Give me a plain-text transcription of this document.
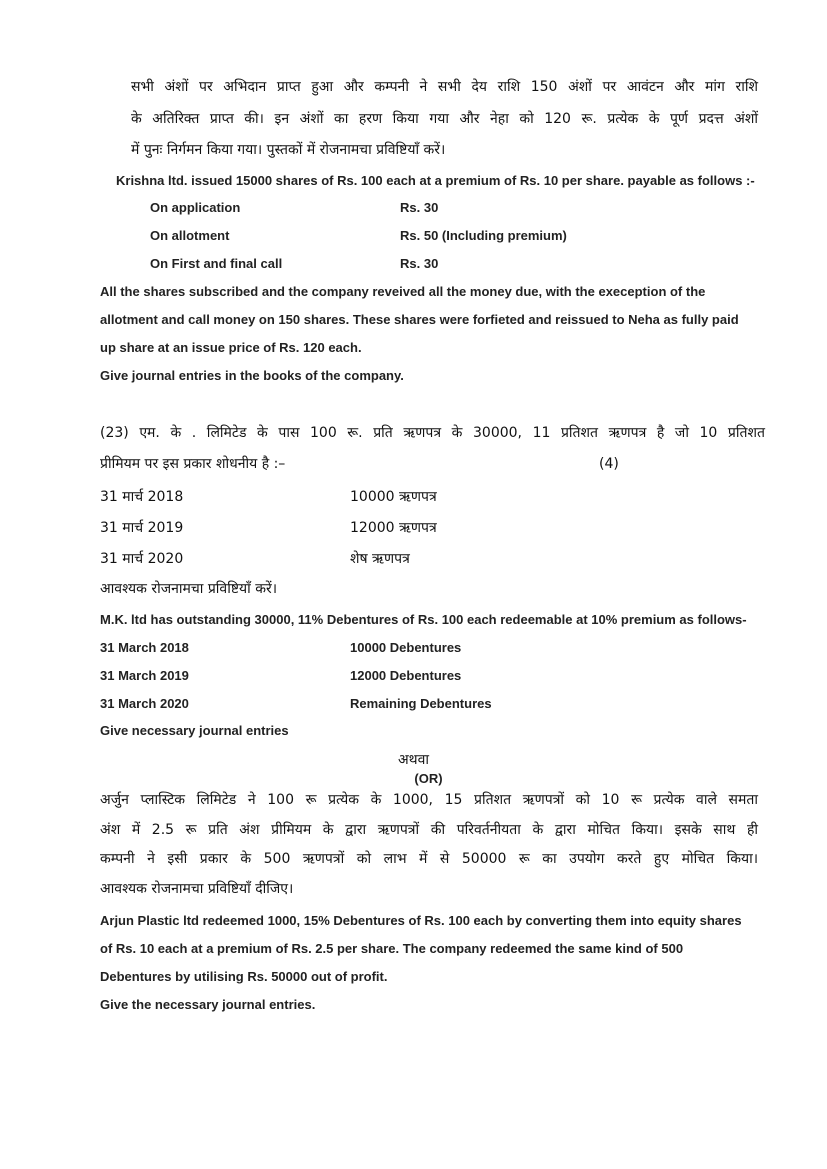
सभी अंशों पर अभिदान प्राप्त हुआ और कम्पनी ने सभी देय राशि 150 अंशों पर आवंटन और मांग राशि
के अतिरिक्त प्राप्त की। इन अंशों का हरण किया गया और नेहा को 120 रू. प्रत्येक के पूर्ण प्रदत्त अंशों
में पुनः निर्गमन किया गया। पुस्तकों में रोजनामचा प्रविष्टियाँ करें।
Krishna ltd. issued 15000 shares of Rs. 100 each at a premium of Rs. 10 per share. payable as follows :-
On application	Rs. 30
On allotment	Rs. 50 (Including premium)
On First and final call	Rs. 30
All the shares subscribed and the company reveived all the money due, with the exeception of the
allotment and call money on 150 shares. These shares were forfieted and reissued to Neha as fully paid
up share at an issue price of Rs. 120 each.
Give journal entries in the books of the company.
(23) एम. के . लिमिटेड के पास 100 रू. प्रति ऋणपत्र के 30000, 11 प्रतिशत ऋणपत्र है जो 10 प्रतिशत
प्रीमियम पर इस प्रकार शोधनीय है :–	(4)
31 मार्च 2018	10000 ऋणपत्र
31 मार्च 2019	12000 ऋणपत्र
31 मार्च 2020	शेष ऋणपत्र
आवश्यक रोजनामचा प्रविष्टियाँ करें।
M.K. ltd has outstanding 30000, 11% Debentures of Rs. 100 each redeemable at 10% premium as follows-
31 March 2018	10000 Debentures
31 March 2019	12000 Debentures
31 March 2020	Remaining Debentures
Give necessary journal entries
अथवा
(OR)
अर्जुन प्लास्टिक लिमिटेड ने 100 रू प्रत्येक के 1000, 15 प्रतिशत ऋणपत्रों को 10 रू प्रत्येक वाले समता
अंश में 2.5 रू प्रति अंश प्रीमियम के द्वारा ऋणपत्रों की परिवर्तनीयता के द्वारा मोचित किया। इसके साथ ही
कम्पनी ने इसी प्रकार के 500 ऋणपत्रों को लाभ में से 50000 रू का उपयोग करते हुए मोचित किया।
आवश्यक रोजनामचा प्रविष्टियाँ दीजिए।
Arjun Plastic ltd redeemed 1000, 15% Debentures of Rs. 100 each by converting them into equity shares
of Rs. 10 each at a premium of Rs. 2.5 per share. The company redeemed the same kind of 500
Debentures by utilising Rs. 50000 out of profit.
Give the necessary journal entries.
